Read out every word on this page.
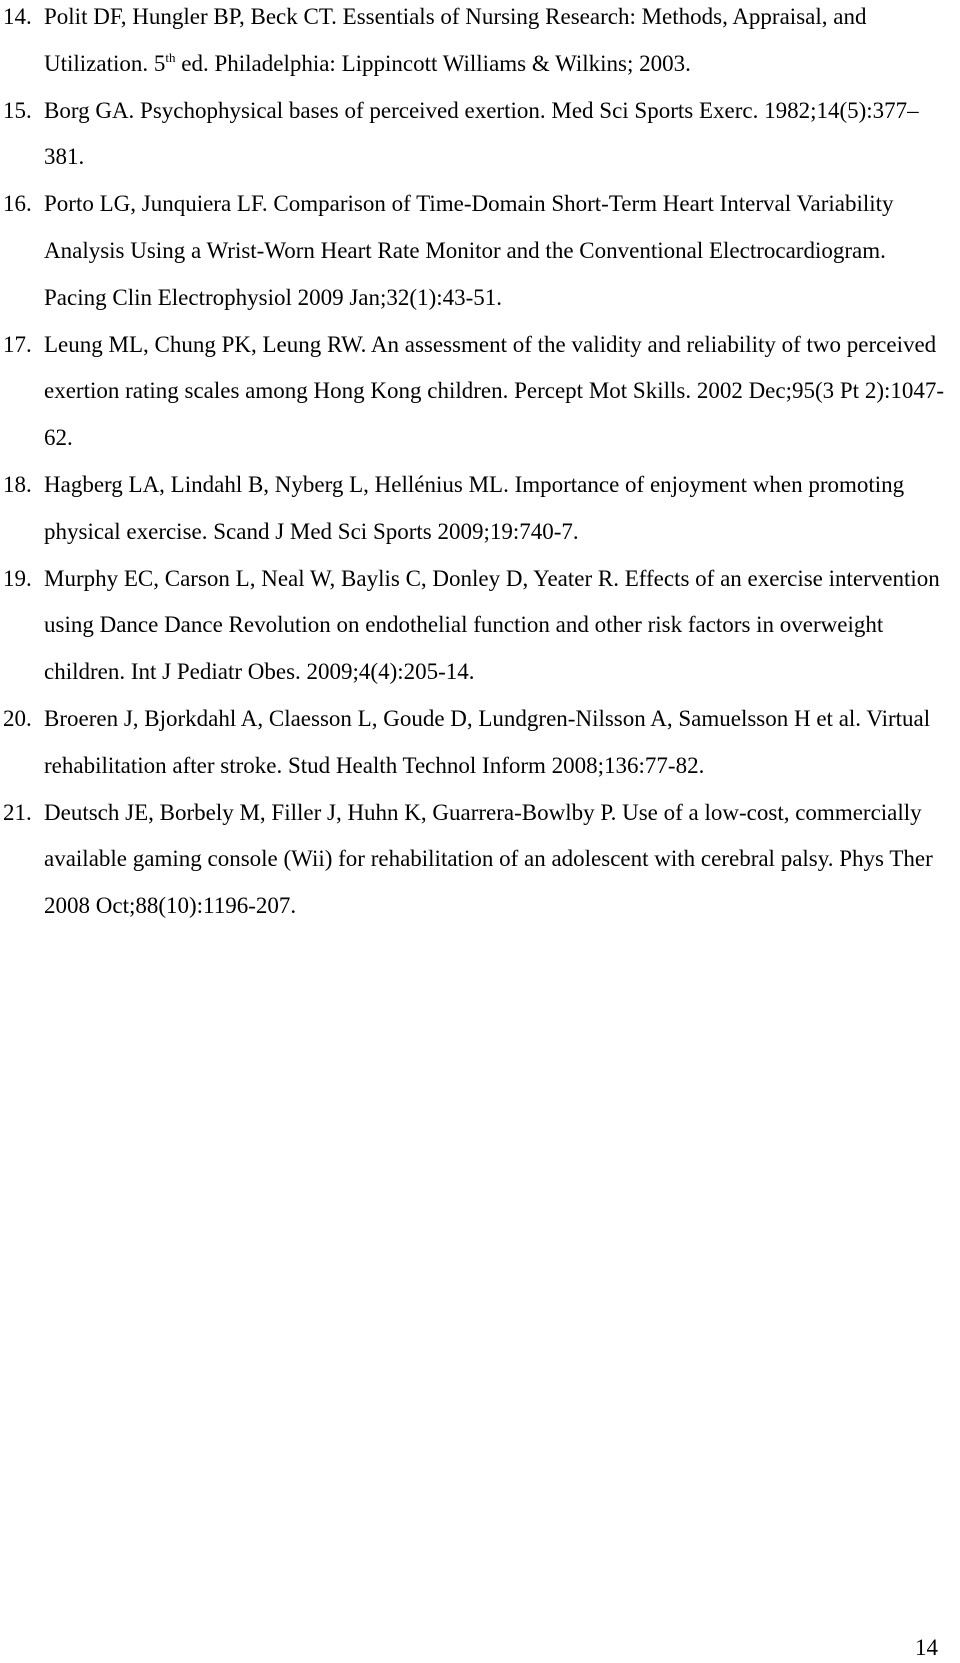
14. Polit DF, Hungler BP, Beck CT. Essentials of Nursing Research: Methods, Appraisal, and Utilization. 5th ed. Philadelphia: Lippincott Williams & Wilkins; 2003.
15. Borg GA. Psychophysical bases of perceived exertion. Med Sci Sports Exerc. 1982;14(5):377–381.
16. Porto LG, Junquiera LF. Comparison of Time-Domain Short-Term Heart Interval Variability Analysis Using a Wrist-Worn Heart Rate Monitor and the Conventional Electrocardiogram. Pacing Clin Electrophysiol 2009 Jan;32(1):43-51.
17. Leung ML, Chung PK, Leung RW. An assessment of the validity and reliability of two perceived exertion rating scales among Hong Kong children. Percept Mot Skills. 2002 Dec;95(3 Pt 2):1047-62.
18. Hagberg LA, Lindahl B, Nyberg L, Hellénius ML. Importance of enjoyment when promoting physical exercise. Scand J Med Sci Sports 2009;19:740-7.
19. Murphy EC, Carson L, Neal W, Baylis C, Donley D, Yeater R. Effects of an exercise intervention using Dance Dance Revolution on endothelial function and other risk factors in overweight children. Int J Pediatr Obes. 2009;4(4):205-14.
20. Broeren J, Bjorkdahl A, Claesson L, Goude D, Lundgren-Nilsson A, Samuelsson H et al. Virtual rehabilitation after stroke. Stud Health Technol Inform 2008;136:77-82.
21. Deutsch JE, Borbely M, Filler J, Huhn K, Guarrera-Bowlby P. Use of a low-cost, commercially available gaming console (Wii) for rehabilitation of an adolescent with cerebral palsy. Phys Ther 2008 Oct;88(10):1196-207.
14
